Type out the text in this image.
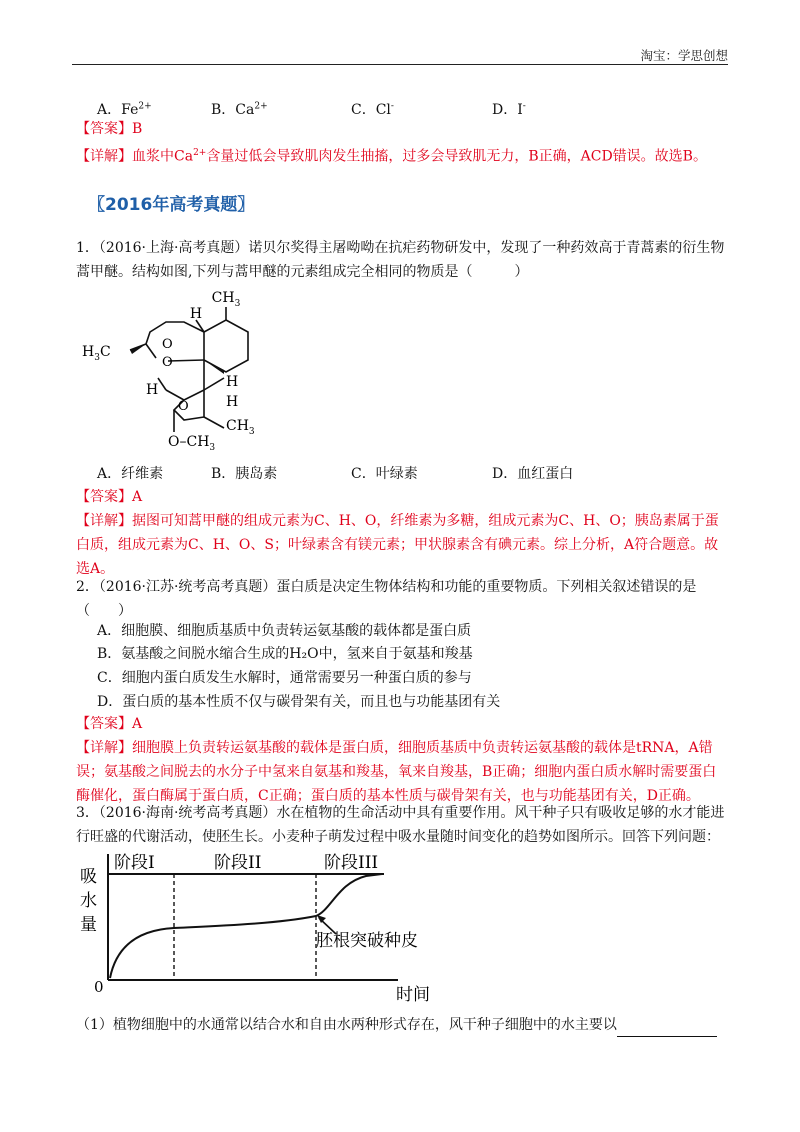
淘宝：学思创想
A．$Fe^{2+}$	B．$Ca^{2+}$	C．Cl-	D．I-
【答案】B
【详解】血浆中$Ca^{2+}$含量过低会导致肌肉发生抽搐，过多会导致肌无力，B正确，ACD错误。故选B。
〖2016年高考真题〗
1．（2016·上海·高考真题）诺贝尔奖得主屠呦呦在抗疟药物研发中，发现了一种药效高于青蒿素的衍生物蒿甲醚。结构如图,下列与蒿甲醚的元素组成完全相同的物质是（　　　）
$CH_3$
H
$H_3C$	O
O
H	H
H
O
$CH_3$
$O-CH_3$
A．纤维素	B．胰岛素	C．叶绿素	D．血红蛋白
【答案】A
【详解】据图可知蒿甲醚的组成元素为C、H、O，纤维素为多糖，组成元素为C、H、O；胰岛素属于蛋白质，组成元素为C、H、O、S；叶绿素含有镁元素；甲状腺素含有碘元素。综上分析，A符合题意。故选A。
2．（2016·江苏·统考高考真题）蛋白质是决定生物体结构和功能的重要物质。下列相关叙述错误的是（　　）
A．细胞膜、细胞质基质中负责转运氨基酸的载体都是蛋白质
B．氨基酸之间脱水缩合生成的H₂O中，氢来自于氨基和羧基
C．细胞内蛋白质发生水解时，通常需要另一种蛋白质的参与
D．蛋白质的基本性质不仅与碳骨架有关，而且也与功能基团有关
【答案】A
【详解】细胞膜上负责转运氨基酸的载体是蛋白质，细胞质基质中负责转运氨基酸的载体是tRNA，A错误；氨基酸之间脱去的水分子中氢来自氨基和羧基，氧来自羧基，B正确；细胞内蛋白质水解时需要蛋白酶催化，蛋白酶属于蛋白质，C正确；蛋白质的基本性质与碳骨架有关，也与功能基团有关，D正确。
3．（2016·海南·统考高考真题）水在植物的生命活动中具有重要作用。风干种子只有吸收足够的水才能进行旺盛的代谢活动，使胚生长。小麦种子萌发过程中吸水量随时间变化的趋势如图所示。回答下列问题：
阶段I	阶段II	阶段III
吸
水
量
0	时间
胚根突破种皮
（1）植物细胞中的水通常以结合水和自由水两种形式存在，风干种子细胞中的水主要以
